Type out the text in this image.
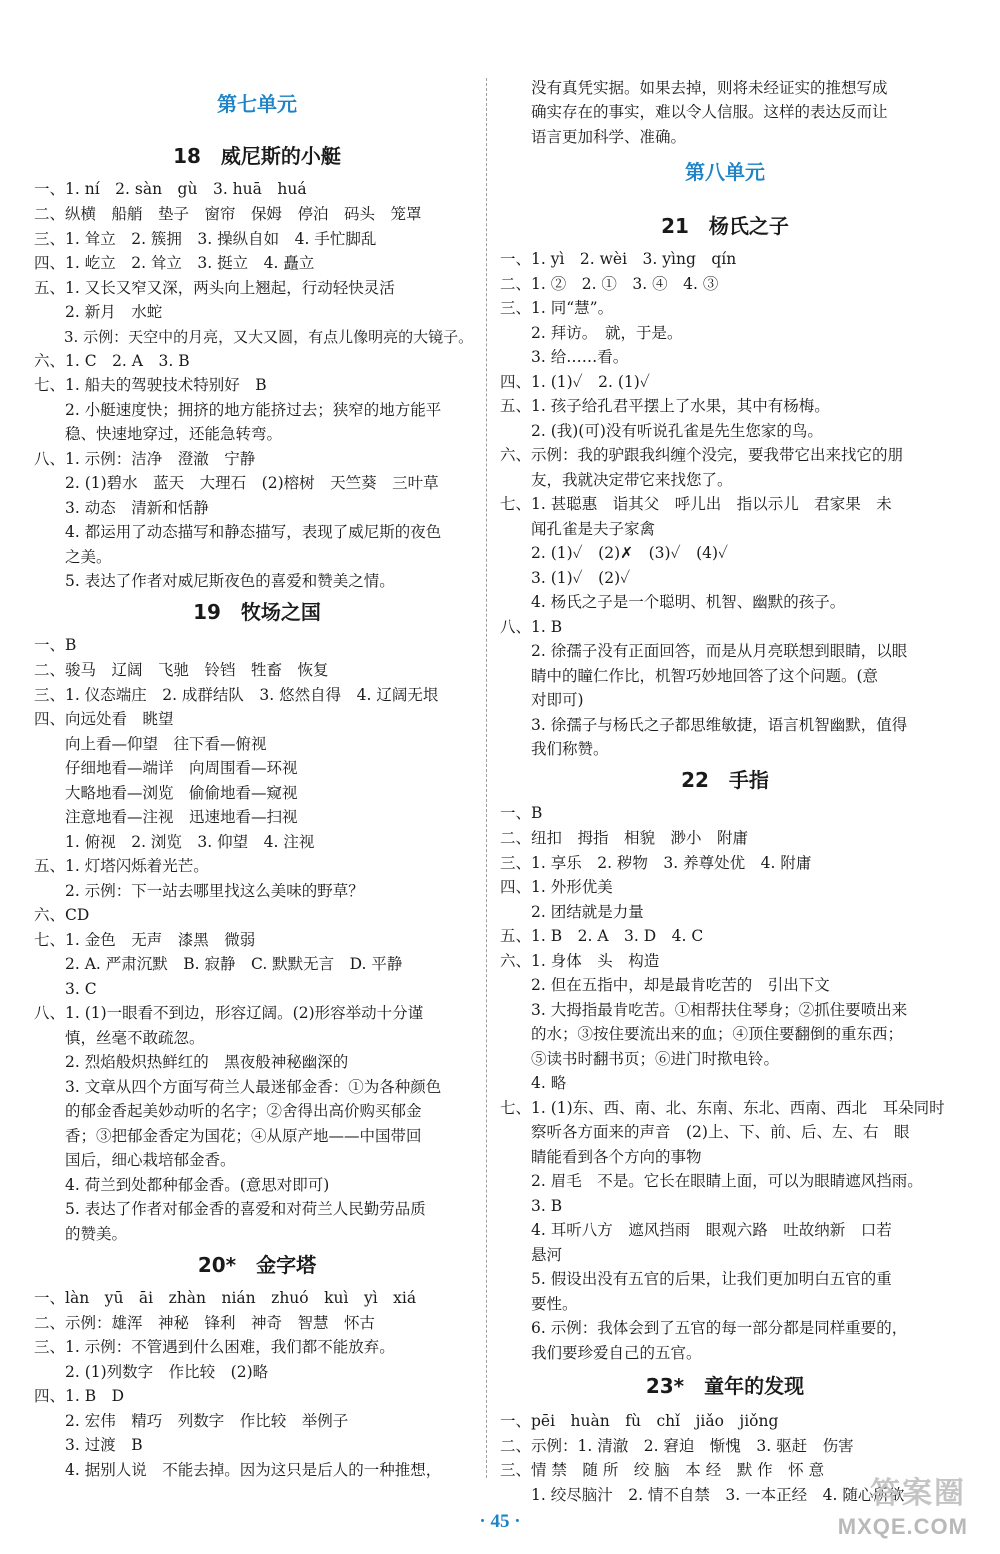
第七单元
18　威尼斯的小艇
一、1. ní　2. sàn　gù　3. huā　huá
二、纵横　船艄　垫子　窗帘　保姆　停泊　码头　笼罩
三、1. 耸立　2. 簇拥　3. 操纵自如　4. 手忙脚乱
四、1. 屹立　2. 耸立　3. 挺立　4. 矗立
五、1. 又长又窄又深，两头向上翘起，行动轻快灵活
　　2. 新月　水蛇
　　3. 示例：天空中的月亮，又大又圆，有点儿像明亮的大镜子。
六、1. C　2. A　3. B
七、1. 船夫的驾驶技术特别好　B
　　2. 小艇速度快；拥挤的地方能挤过去；狭窄的地方能平
　　稳、快速地穿过，还能急转弯。
八、1. 示例：洁净　澄澈　宁静
　　2. (1)碧水　蓝天　大理石　(2)榕树　天竺葵　三叶草
　　3. 动态　清新和恬静
　　4. 都运用了动态描写和静态描写，表现了威尼斯的夜色
　　之美。
　　5. 表达了作者对威尼斯夜色的喜爱和赞美之情。
19　牧场之国
一、B
二、骏马　辽阔　飞驰　铃铛　牲畜　恢复
三、1. 仪态端庄　2. 成群结队　3. 悠然自得　4. 辽阔无垠
四、向远处看　眺望
　　向上看—仰望　往下看—俯视
　　仔细地看—端详　向周围看—环视
　　大略地看—浏览　偷偷地看—窥视
　　注意地看—注视　迅速地看—扫视
　　1. 俯视　2. 浏览　3. 仰望　4. 注视
五、1. 灯塔闪烁着光芒。
　　2. 示例：下一站去哪里找这么美味的野草？
六、CD
七、1. 金色　无声　漆黑　微弱
　　2. A. 严肃沉默　B. 寂静　C. 默默无言　D. 平静
　　3. C
八、1. (1)一眼看不到边，形容辽阔。(2)形容举动十分谨
　　慎，丝毫不敢疏忽。
　　2. 烈焰般炽热鲜红的　黑夜般神秘幽深的
　　3. 文章从四个方面写荷兰人最迷郁金香：①为各种颜色
　　的郁金香起美妙动听的名字；②舍得出高价购买郁金
　　香；③把郁金香定为国花；④从原产地——中国带回
　　国后，细心栽培郁金香。
　　4. 荷兰到处都种郁金香。(意思对即可)
　　5. 表达了作者对郁金香的喜爱和对荷兰人民勤劳品质
　　的赞美。
20*　金字塔
一、làn　yū　āi　zhàn　nián　zhuó　kuì　yì　xiá
二、示例：雄浑　神秘　锋利　神奇　智慧　怀古
三、1. 示例：不管遇到什么困难，我们都不能放弃。
　　2. (1)列数字　作比较　(2)略
四、1. B　D
　　2. 宏伟　精巧　列数字　作比较　举例子
　　3. 过渡　B
　　4. 据别人说　不能去掉。因为这只是后人的一种推想，
　　没有真凭实据。如果去掉，则将未经证实的推想写成
　　确实存在的事实，难以令人信服。这样的表达反而让
　　语言更加科学、准确。
第八单元
21　杨氏之子
一、1. yì　2. wèi　3. yìng　qín
二、1. ②　2. ①　3. ④　4. ③
三、1. 同“慧”。
　　2. 拜访。　就，于是。
　　3. 给……看。
四、1. (1)✓　2. (1)✓
五、1. 孩子给孔君平摆上了水果，其中有杨梅。
　　2. (我)(可)没有听说孔雀是先生您家的鸟。
六、示例：我的驴跟我纠缠个没完，要我带它出来找它的朋
　　友，我就决定带它来找您了。
七、1. 甚聪惠　诣其父　呼儿出　指以示儿　君家果　未
　　闻孔雀是夫子家禽
　　2. (1)✓　(2)✗　(3)✓　(4)✓
　　3. (1)✓　(2)✓
　　4. 杨氏之子是一个聪明、机智、幽默的孩子。
八、1. B
　　2. 徐孺子没有正面回答，而是从月亮联想到眼睛，以眼
　　睛中的瞳仁作比，机智巧妙地回答了这个问题。(意
　　对即可)
　　3. 徐孺子与杨氏之子都思维敏捷，语言机智幽默，值得
　　我们称赞。
22　手指
一、B
二、纽扣　拇指　相貌　渺小　附庸
三、1. 享乐　2. 秽物　3. 养尊处优　4. 附庸
四、1. 外形优美
　　2. 团结就是力量
五、1. B　2. A　3. D　4. C
六、1. 身体　头　构造
　　2. 但在五指中，却是最肯吃苦的　引出下文
　　3. 大拇指最肯吃苦。①相帮扶住琴身；②抓住要喷出来
　　的水；③按住要流出来的血；④顶住要翻倒的重东西；
　　⑤读书时翻书页；⑥进门时揿电铃。
　　4. 略
七、1. (1)东、西、南、北、东南、东北、西南、西北　耳朵同时
　　察听各方面来的声音　(2)上、下、前、后、左、右　眼
　　睛能看到各个方向的事物
　　2. 眉毛　不是。它长在眼睛上面，可以为眼睛遮风挡雨。
　　3. B
　　4. 耳听八方　遮风挡雨　眼观六路　吐故纳新　口若
　　悬河
　　5. 假设出没有五官的后果，让我们更加明白五官的重
　　要性。
　　6. 示例：我体会到了五官的每一部分都是同样重要的，
　　我们要珍爱自己的五官。
23*　童年的发现
一、pēi　huàn　fù　chǐ　jiǎo　jiǒng
二、示例：1. 清澈　2. 窘迫　惭愧　3. 驱赶　伤害
三、情 禁　随 所　绞 脑　本 经　默 作　怀 意
　　1. 绞尽脑汁　2. 情不自禁　3. 一本正经　4. 随心所欲
· 45 ·
答案圈
MXQE.COM
